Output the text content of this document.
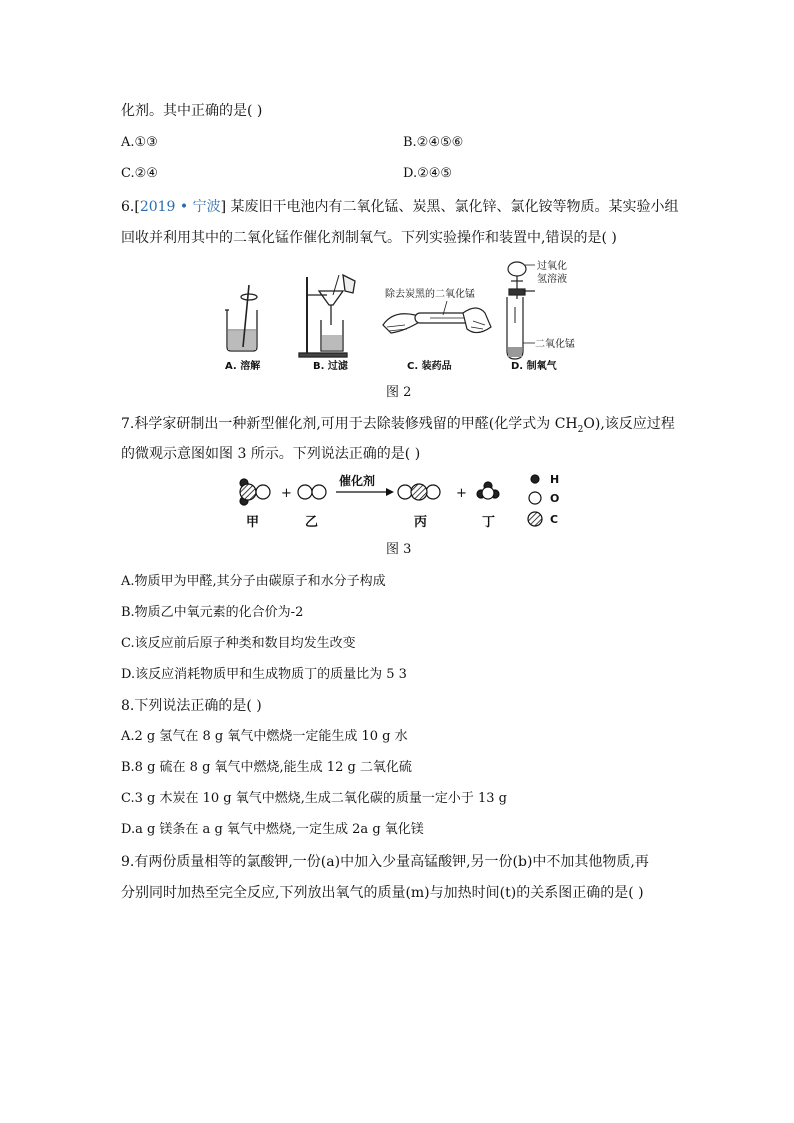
化剂。其中正确的是( )
A.①③	B.②④⑤⑥
C.②④	D.②④⑤
6.[2019 • 宁波] 某废旧干电池内有二氧化锰、炭黑、氯化锌、氯化铵等物质。某实验小组
回收并利用其中的二氧化锰作催化剂制氧气。下列实验操作和装置中,错误的是( )
除去炭黑的二氧化锰
过氧化
氢溶液
二氧化锰
A. 溶解	B. 过滤	C. 装药品	D. 制氧气
图 2
7.科学家研制出一种新型催化剂,可用于去除装修残留的甲醛(化学式为 $CH_2O$),该反应过程
的微观示意图如图 3 所示。下列说法正确的是( )
+
催化剂
+
甲	乙	丙	丁
H
O
C
图 3
A.物质甲为甲醛,其分子由碳原子和水分子构成
B.物质乙中氧元素的化合价为-2
C.该反应前后原子种类和数目均发生改变
D.该反应消耗物质甲和生成物质丁的质量比为 5 3
8.下列说法正确的是( )
A.2 g 氢气在 8 g 氧气中燃烧一定能生成 10 g 水
B.8 g 硫在 8 g 氧气中燃烧,能生成 12 g 二氧化硫
C.3 g 木炭在 10 g 氧气中燃烧,生成二氧化碳的质量一定小于 13 g
D.a g 镁条在 a g 氧气中燃烧,一定生成 2a g 氧化镁
9.有两份质量相等的氯酸钾,一份(a)中加入少量高锰酸钾,另一份(b)中不加其他物质,再
分别同时加热至完全反应,下列放出氧气的质量(m)与加热时间(t)的关系图正确的是( )
